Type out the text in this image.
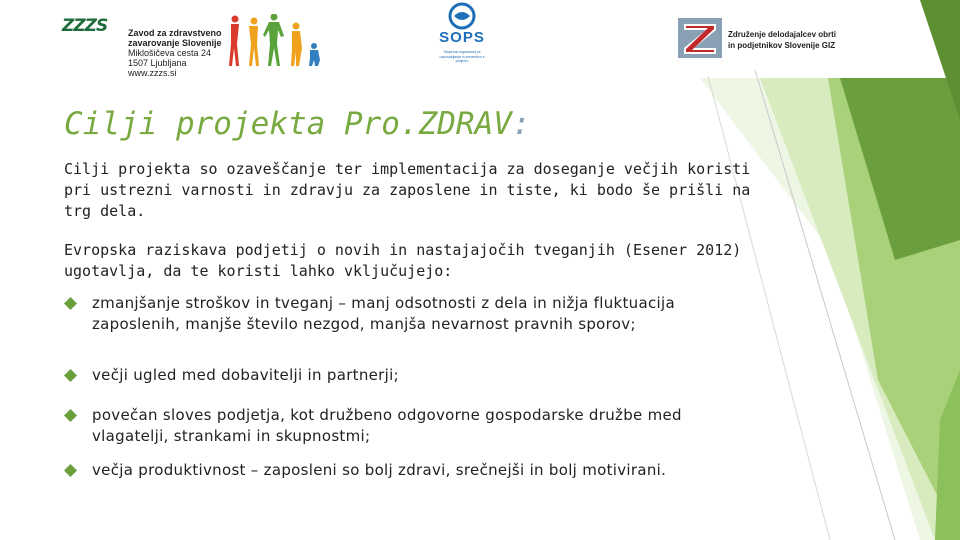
ZZZS Zavod za zdravstveno
zavarovanje Slovenije
Miklošičeva cesta 24
1507 Ljubljana
www.zzzs.si
SOPS
Skupnost organizacij za usposabljanje in preventivo s podporo
Združenje delodajalcev obrti
in podjetnikov Slovenije GIZ
Cilji projekta Pro.ZDRAV:

Cilji projekta so ozaveščanje ter implementacija za doseganje večjih koristi pri ustrezni varnosti in zdravju za zaposlene in tiste, ki bodo še prišli na trg dela.

Evropska raziskava podjetij o novih in nastajajočih tveganjih (Esener 2012) ugotavlja, da te koristi lahko vključujejo:

zmanjšanje stroškov in tveganj – manj odsotnosti z dela in nižja fluktuacija zaposlenih, manjše število nezgod, manjša nevarnost pravnih sporov;
večji ugled med dobavitelji in partnerji;
povečan sloves podjetja, kot družbeno odgovorne gospodarske družbe med vlagatelji, strankami in skupnostmi;
večja produktivnost – zaposleni so bolj zdravi, srečnejši in bolj motivirani.
